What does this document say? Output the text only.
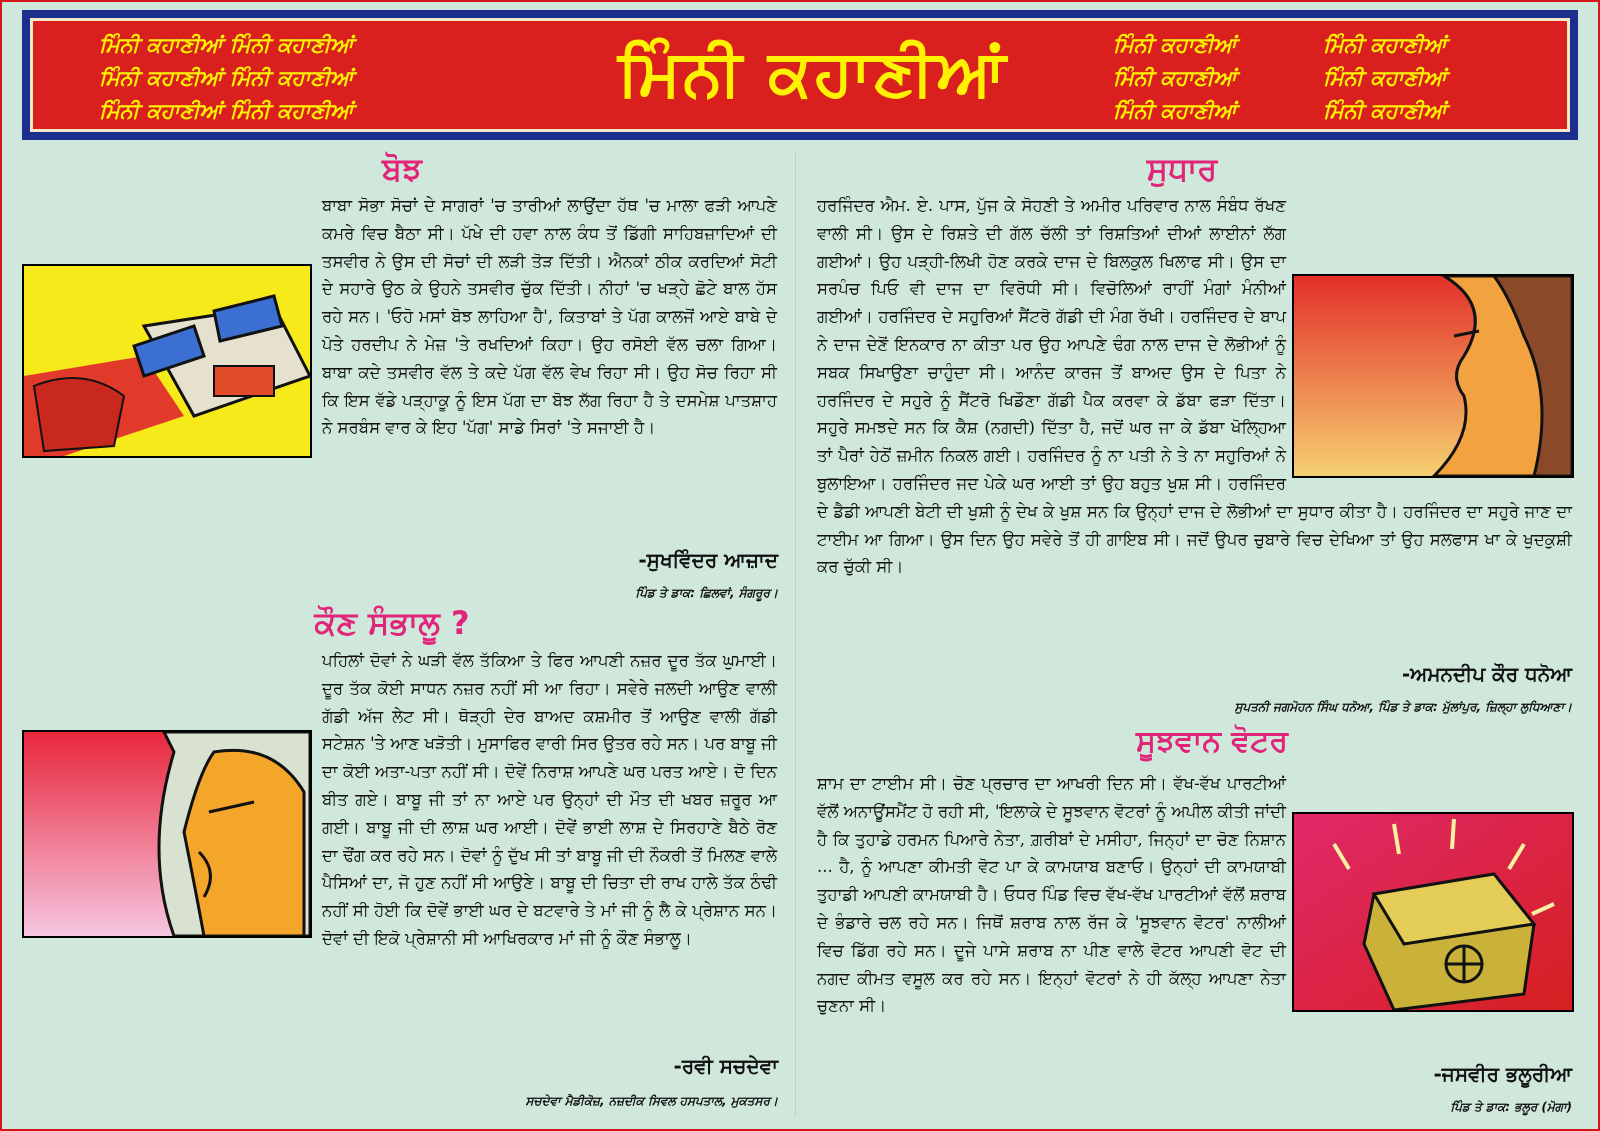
ਮਿੰਨੀ ਕਹਾਣੀਆਂ ਮਿੰਨੀ ਕਹਾਣੀਆਂ
ਮਿੰਨੀ ਕਹਾਣੀਆਂ ਮਿੰਨੀ ਕਹਾਣੀਆਂ
ਮਿੰਨੀ ਕਹਾਣੀਆਂ ਮਿੰਨੀ ਕਹਾਣੀਆਂ	ਮਿੰਨੀ ਕਹਾਣੀਆਂ	ਮਿੰਨੀ ਕਹਾਣੀਆਂ
ਮਿੰਨੀ ਕਹਾਣੀਆਂ
ਮਿੰਨੀ ਕਹਾਣੀਆਂ
ਮਿੰਨੀ ਕਹਾਣੀਆਂ
ਮਿੰਨੀ ਕਹਾਣੀਆਂ
ਮਿੰਨੀ ਕਹਾਣੀਆਂ
ਬੋਝ
ਬਾਬਾ ਸੋਭਾ ਸੋਚਾਂ ਦੇ ਸਾਗਰਾਂ 'ਚ ਤਾਰੀਆਂ ਲਾਉਂਦਾ ਹੱਥ 'ਚ ਮਾਲਾ ਫੜੀ ਆਪਣੇ ਕਮਰੇ ਵਿਚ ਬੈਠਾ ਸੀ। ਪੱਖੇ ਦੀ ਹਵਾ ਨਾਲ ਕੰਧ ਤੋਂ ਡਿੱਗੀ ਸਾਹਿਬਜ਼ਾਦਿਆਂ ਦੀ ਤਸਵੀਰ ਨੇ ਉਸ ਦੀ ਸੋਚਾਂ ਦੀ ਲੜੀ ਤੋੜ ਦਿੱਤੀ। ਐਨਕਾਂ ਠੀਕ ਕਰਦਿਆਂ ਸੋਟੀ ਦੇ ਸਹਾਰੇ ਉਠ ਕੇ ਉਹਨੇ ਤਸਵੀਰ ਚੁੱਕ ਦਿੱਤੀ। ਨੀਹਾਂ 'ਚ ਖੜ੍ਹੇ ਛੋਟੇ ਬਾਲ ਹੱਸ ਰਹੇ ਸਨ। 'ਓਹੋ ਮਸਾਂ ਬੋਝ ਲਾਹਿਆ ਹੈ', ਕਿਤਾਬਾਂ ਤੇ ਪੱਗ ਕਾਲਜੋਂ ਆਏ ਬਾਬੇ ਦੇ ਪੋਤੇ ਹਰਦੀਪ ਨੇ ਮੇਜ਼ 'ਤੇ ਰਖਦਿਆਂ ਕਿਹਾ। ਉਹ ਰਸੋਈ ਵੱਲ ਚਲਾ ਗਿਆ। ਬਾਬਾ ਕਦੇ ਤਸਵੀਰ ਵੱਲ ਤੇ ਕਦੇ ਪੱਗ ਵੱਲ ਵੇਖ ਰਿਹਾ ਸੀ। ਉਹ ਸੋਚ ਰਿਹਾ ਸੀ ਕਿ ਇਸ ਵੱਡੇ ਪੜ੍ਹਾਕੂ ਨੂੰ ਇਸ ਪੱਗ ਦਾ ਬੋਝ ਲੱਗ ਰਿਹਾ ਹੈ ਤੇ ਦਸਮੇਸ਼ ਪਾਤਸ਼ਾਹ ਨੇ ਸਰਬੰਸ ਵਾਰ ਕੇ ਇਹ 'ਪੱਗ' ਸਾਡੇ ਸਿਰਾਂ 'ਤੇ ਸਜਾਈ ਹੈ।
-ਸੁਖਵਿੰਦਰ ਆਜ਼ਾਦ
ਪਿੰਡ ਤੇ ਡਾਕ: ਛਿਲਵਾਂ, ਸੰਗਰੂਰ।
ਕੌਣ ਸੰਭਾਲੂ ?
ਪਹਿਲਾਂ ਦੋਵਾਂ ਨੇ ਘੜੀ ਵੱਲ ਤੱਕਿਆ ਤੇ ਫਿਰ ਆਪਣੀ ਨਜ਼ਰ ਦੂਰ ਤੱਕ ਘੁਮਾਈ। ਦੂਰ ਤੱਕ ਕੋਈ ਸਾਧਨ ਨਜ਼ਰ ਨਹੀਂ ਸੀ ਆ ਰਿਹਾ। ਸਵੇਰੇ ਜਲਦੀ ਆਉਣ ਵਾਲੀ ਗੱਡੀ ਅੱਜ ਲੇਟ ਸੀ। ਥੋੜ੍ਹੀ ਦੇਰ ਬਾਅਦ ਕਸ਼ਮੀਰ ਤੋਂ ਆਉਣ ਵਾਲੀ ਗੱਡੀ ਸਟੇਸ਼ਨ 'ਤੇ ਆਣ ਖੜੋਤੀ। ਮੁਸਾਫਿਰ ਵਾਰੀ ਸਿਰ ਉਤਰ ਰਹੇ ਸਨ। ਪਰ ਬਾਬੂ ਜੀ ਦਾ ਕੋਈ ਅਤਾ-ਪਤਾ ਨਹੀਂ ਸੀ। ਦੋਵੇਂ ਨਿਰਾਸ਼ ਆਪਣੇ ਘਰ ਪਰਤ ਆਏ। ਦੋ ਦਿਨ ਬੀਤ ਗਏ। ਬਾਬੂ ਜੀ ਤਾਂ ਨਾ ਆਏ ਪਰ ਉਨ੍ਹਾਂ ਦੀ ਮੌਤ ਦੀ ਖਬਰ ਜ਼ਰੂਰ ਆ ਗਈ। ਬਾਬੂ ਜੀ ਦੀ ਲਾਸ਼ ਘਰ ਆਈ। ਦੋਵੇਂ ਭਾਈ ਲਾਸ਼ ਦੇ ਸਿਰਹਾਣੇ ਬੈਠੇ ਰੋਣ ਦਾ ਢੌਂਗ ਕਰ ਰਹੇ ਸਨ। ਦੋਵਾਂ ਨੂੰ ਦੁੱਖ ਸੀ ਤਾਂ ਬਾਬੂ ਜੀ ਦੀ ਨੌਕਰੀ ਤੋਂ ਮਿਲਣ ਵਾਲੇ ਪੈਸਿਆਂ ਦਾ, ਜੋ ਹੁਣ ਨਹੀਂ ਸੀ ਆਉਣੇ। ਬਾਬੂ ਦੀ ਚਿਤਾ ਦੀ ਰਾਖ ਹਾਲੇ ਤੱਕ ਠੰਢੀ ਨਹੀਂ ਸੀ ਹੋਈ ਕਿ ਦੋਵੇਂ ਭਾਈ ਘਰ ਦੇ ਬਟਵਾਰੇ ਤੇ ਮਾਂ ਜੀ ਨੂੰ ਲੈ ਕੇ ਪ੍ਰੇਸ਼ਾਨ ਸਨ। ਦੋਵਾਂ ਦੀ ਇਕੋ ਪ੍ਰੇਸ਼ਾਨੀ ਸੀ ਆਖਿਰਕਾਰ ਮਾਂ ਜੀ ਨੂੰ ਕੌਣ ਸੰਭਾਲੂ।
-ਰਵੀ ਸਚਦੇਵਾ
ਸਚਦੇਵਾ ਮੈਡੀਕੋਜ਼, ਨਜ਼ਦੀਕ ਸਿਵਲ ਹਸਪਤਾਲ, ਮੁਕਤਸਰ।
ਸੁਧਾਰ
ਹਰਜਿੰਦਰ ਐਮ. ਏ. ਪਾਸ, ਪੁੱਜ ਕੇ ਸੋਹਣੀ ਤੇ ਅਮੀਰ ਪਰਿਵਾਰ ਨਾਲ ਸੰਬੰਧ ਰੱਖਣ ਵਾਲੀ ਸੀ। ਉਸ ਦੇ ਰਿਸ਼ਤੇ ਦੀ ਗੱਲ ਚੱਲੀ ਤਾਂ ਰਿਸ਼ਤਿਆਂ ਦੀਆਂ ਲਾਈਨਾਂ ਲੱਗ ਗਈਆਂ। ਉਹ ਪੜ੍ਹੀ-ਲਿਖੀ ਹੋਣ ਕਰਕੇ ਦਾਜ ਦੇ ਬਿਲਕੁਲ ਖਿਲਾਫ ਸੀ। ਉਸ ਦਾ ਸਰਪੰਚ ਪਿਓ ਵੀ ਦਾਜ ਦਾ ਵਿਰੋਧੀ ਸੀ। ਵਿਚੋਲਿਆਂ ਰਾਹੀਂ ਮੰਗਾਂ ਮੰਨੀਆਂ ਗਈਆਂ। ਹਰਜਿੰਦਰ ਦੇ ਸਹੁਰਿਆਂ ਸੈਂਟਰੋ ਗੱਡੀ ਦੀ ਮੰਗ ਰੱਖੀ। ਹਰਜਿੰਦਰ ਦੇ ਬਾਪ ਨੇ ਦਾਜ ਦੇਣੋਂ ਇਨਕਾਰ ਨਾ ਕੀਤਾ ਪਰ ਉਹ ਆਪਣੇ ਢੰਗ ਨਾਲ ਦਾਜ ਦੇ ਲੋਭੀਆਂ ਨੂੰ ਸਬਕ ਸਿਖਾਉਣਾ ਚਾਹੁੰਦਾ ਸੀ। ਆਨੰਦ ਕਾਰਜ ਤੋਂ ਬਾਅਦ ਉਸ ਦੇ ਪਿਤਾ ਨੇ ਹਰਜਿੰਦਰ ਦੇ ਸਹੁਰੇ ਨੂੰ ਸੈਂਟਰੋ ਖਿਡੌਣਾ ਗੱਡੀ ਪੈਕ ਕਰਵਾ ਕੇ ਡੱਬਾ ਫੜਾ ਦਿੱਤਾ। ਸਹੁਰੇ ਸਮਝਦੇ ਸਨ ਕਿ ਕੈਸ਼ (ਨਗਦੀ) ਦਿੱਤਾ ਹੈ, ਜਦੋਂ ਘਰ ਜਾ ਕੇ ਡੱਬਾ ਖੋਲ੍ਹਿਆ ਤਾਂ ਪੈਰਾਂ ਹੇਠੋਂ ਜ਼ਮੀਨ ਨਿਕਲ ਗਈ। ਹਰਜਿੰਦਰ ਨੂੰ ਨਾ ਪਤੀ ਨੇ ਤੇ ਨਾ ਸਹੁਰਿਆਂ ਨੇ ਬੁਲਾਇਆ। ਹਰਜਿੰਦਰ ਜਦ ਪੇਕੇ ਘਰ ਆਈ ਤਾਂ ਉਹ ਬਹੁਤ ਖੁਸ਼ ਸੀ। ਹਰਜਿੰਦਰ ਦੇ ਡੈਡੀ ਆਪਣੀ ਬੇਟੀ ਦੀ ਖੁਸ਼ੀ ਨੂੰ ਦੇਖ ਕੇ ਖੁਸ਼ ਸਨ ਕਿ ਉਨ੍ਹਾਂ ਦਾਜ ਦੇ ਲੋਭੀਆਂ ਦਾ ਸੁਧਾਰ ਕੀਤਾ ਹੈ। ਹਰਜਿੰਦਰ ਦਾ ਸਹੁਰੇ ਜਾਣ ਦਾ ਟਾਈਮ ਆ ਗਿਆ। ਉਸ ਦਿਨ ਉਹ ਸਵੇਰੇ ਤੋਂ ਹੀ ਗਾਇਬ ਸੀ। ਜਦੋਂ ਉਪਰ ਚੁਬਾਰੇ ਵਿਚ ਦੇਖਿਆ ਤਾਂ ਉਹ ਸਲਫਾਸ ਖਾ ਕੇ ਖੁਦਕੁਸ਼ੀ ਕਰ ਚੁੱਕੀ ਸੀ।
-ਅਮਨਦੀਪ ਕੌਰ ਧਨੋਆ
ਸੁਪਤਨੀ ਜਗਮੋਹਨ ਸਿੰਘ ਧਨੋਆ, ਪਿੰਡ ਤੇ ਡਾਕ: ਮੁੱਲਾਂਪੁਰ, ਜ਼ਿਲ੍ਹਾ ਲੁਧਿਆਣਾ।
ਸੂਝਵਾਨ ਵੋਟਰ
ਸ਼ਾਮ ਦਾ ਟਾਈਮ ਸੀ। ਚੋਣ ਪ੍ਰਚਾਰ ਦਾ ਆਖਰੀ ਦਿਨ ਸੀ। ਵੱਖ-ਵੱਖ ਪਾਰਟੀਆਂ ਵੱਲੋਂ ਅਨਾਊਂਸਮੈਂਟ ਹੋ ਰਹੀ ਸੀ, 'ਇਲਾਕੇ ਦੇ ਸੂਝਵਾਨ ਵੋਟਰਾਂ ਨੂੰ ਅਪੀਲ ਕੀਤੀ ਜਾਂਦੀ ਹੈ ਕਿ ਤੁਹਾਡੇ ਹਰਮਨ ਪਿਆਰੇ ਨੇਤਾ, ਗ਼ਰੀਬਾਂ ਦੇ ਮਸੀਹਾ, ਜਿਨ੍ਹਾਂ ਦਾ ਚੋਣ ਨਿਸ਼ਾਨ ... ਹੈ, ਨੂੰ ਆਪਣਾ ਕੀਮਤੀ ਵੋਟ ਪਾ ਕੇ ਕਾਮਯਾਬ ਬਣਾਓ। ਉਨ੍ਹਾਂ ਦੀ ਕਾਮਯਾਬੀ ਤੁਹਾਡੀ ਆਪਣੀ ਕਾਮਯਾਬੀ ਹੈ। ਓਧਰ ਪਿੰਡ ਵਿਚ ਵੱਖ-ਵੱਖ ਪਾਰਟੀਆਂ ਵੱਲੋਂ ਸ਼ਰਾਬ ਦੇ ਭੰਡਾਰੇ ਚਲ ਰਹੇ ਸਨ। ਜਿਥੋਂ ਸ਼ਰਾਬ ਨਾਲ ਰੱਜ ਕੇ 'ਸੂਝਵਾਨ ਵੋਟਰ' ਨਾਲੀਆਂ ਵਿਚ ਡਿੱਗ ਰਹੇ ਸਨ। ਦੂਜੇ ਪਾਸੇ ਸ਼ਰਾਬ ਨਾ ਪੀਣ ਵਾਲੇ ਵੋਟਰ ਆਪਣੀ ਵੋਟ ਦੀ ਨਗਦ ਕੀਮਤ ਵਸੂਲ ਕਰ ਰਹੇ ਸਨ। ਇਨ੍ਹਾਂ ਵੋਟਰਾਂ ਨੇ ਹੀ ਕੱਲ੍ਹ ਆਪਣਾ ਨੇਤਾ ਚੁਣਨਾ ਸੀ।
-ਜਸਵੀਰ ਭਲੂਰੀਆ
ਪਿੰਡ ਤੇ ਡਾਕ: ਭਲੂਰ (ਮੋਗਾ)
